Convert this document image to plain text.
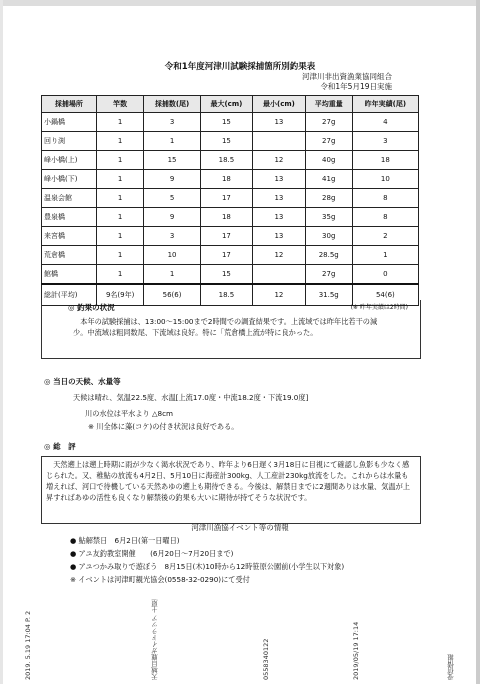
令和1年度河津川試験採捕箇所別釣果表
河津川非出資漁業協同組合
令和1年5月19日実施
採捕場所	竿数	採捕数(尾)	最大(cm)	最小(cm)	平均重量	昨年実績(尾)
小鍋橋	1	3	15	13	27g	4
回り渕	1	1	15		27g	3
峰小橋(上)	1	15	18.5	12	40g	18
峰小橋(下)	1	9	18	13	41g	10
温泉会館	1	5	17	13	28g	8
豊泉橋	1	9	18	13	35g	8
来宮橋	1	3	17	13	30g	2
荒倉橋	1	10	17	12	28.5g	1
館橋	1	1	15		27g	0
総計(平均)	9名(9年)	56(6)	18.5	12	31.5g	54(6)
◎ 釣果の状況	(※ 昨年実績は2時間)
本年の試験採捕は、13:00～15:00まで2時間での調査結果です。上流域では昨年比若干の減少。中流域は粗同数尾、下流域は良好。特に「荒倉橋上流が特に良かった。
◎ 当日の天候、水量等
天候は晴れ、気温22.5度、水温[上流17.0度・中流18.2度・下流19.0度]
川の水位は平水より △8cm
※ 川全体に藻(コケ)の付き状況は良好である。
◎ 総　評
天然遡上は遡上時期に雨が少なく渇水状況であり、昨年より6日遅く3月18日に目視にて確認し魚影も少なく感じられた。又、稚鮎の放流も4月2日、5月10日に海産計300kg、人工産計230kg放流をした。これからは水量も増えれば、河口で待機している天然あゆの遡上も期待できる。今後は、解禁日までに2週間ありは水量、気温が上昇すればあゆの活性も良くなり解禁後の釣果も大いに期待が持てそうな状況です。
河津川漁協イベント等の情報
● 鮎解禁日　6月2日(第一日曜日)
● アユ友釣教室開催　　(6月20日～7月20日まで)
● アユつかみ取りで遊ぼう　8月15日(木)10時から12時笹原公園前(小学生以下対象)
※ イベントは河津町観光協会(0558-32-0290)にて受付
2019. 5.19 17:04 P. 2	天城目鹿ガイドラツア 土屋	0558340122	2019/05/19 17:14	受信情報
